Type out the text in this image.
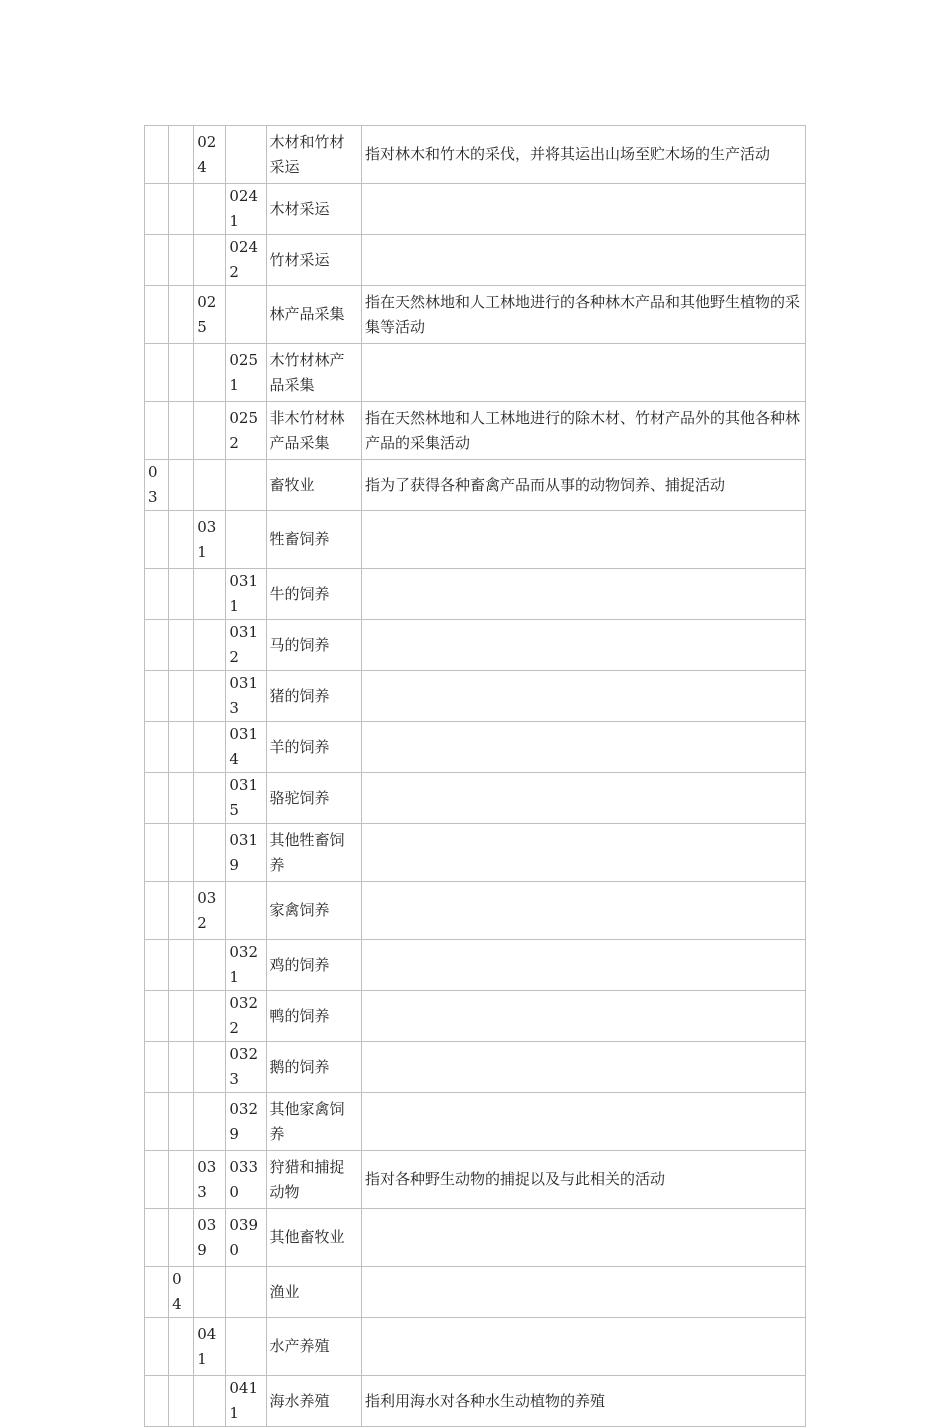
		024		木材和竹材采运	指对林木和竹木的采伐，并将其运出山场至贮木场的生产活动
			0241	木材采运	
			0242	竹材采运	
		025		林产品采集	指在天然林地和人工林地进行的各种林木产品和其他野生植物的采集等活动
			0251	木竹材林产品采集	
			0252	非木竹材林产品采集	指在天然林地和人工林地进行的除木材、竹材产品外的其他各种林产品的采集活动
03				畜牧业	指为了获得各种畜禽产品而从事的动物饲养、捕捉活动
		031		牲畜饲养	
			0311	牛的饲养	
			0312	马的饲养	
			0313	猪的饲养	
			0314	羊的饲养	
			0315	骆驼饲养	
			0319	其他牲畜饲养	
		032		家禽饲养	
			0321	鸡的饲养	
			0322	鸭的饲养	
			0323	鹅的饲养	
			0329	其他家禽饲养	
		033	0330	狩猎和捕捉动物	指对各种野生动物的捕捉以及与此相关的活动
		039	0390	其他畜牧业	
	04			渔业	
		041		水产养殖	
			0411	海水养殖	指利用海水对各种水生动植物的养殖
